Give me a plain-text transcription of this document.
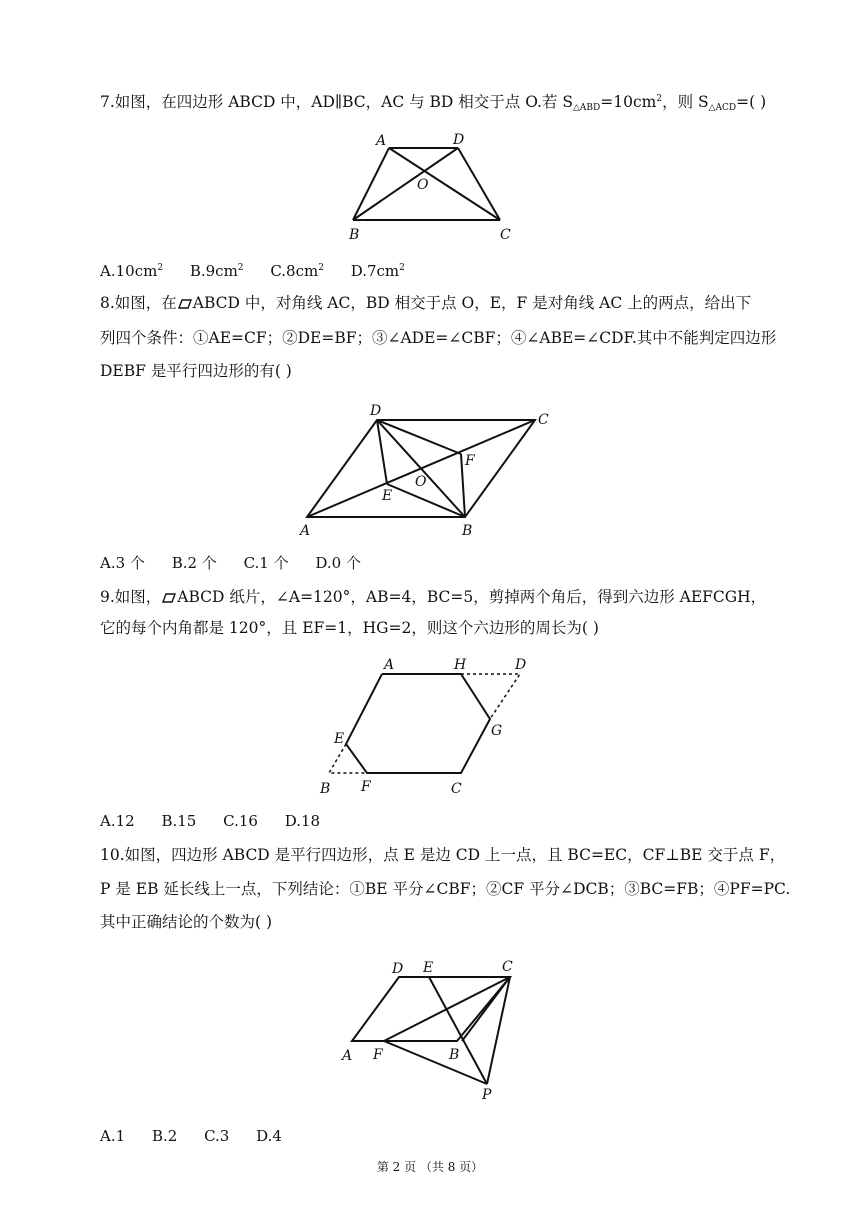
7.如图，在四边形 ABCD 中，AD∥BC，AC 与 BD 相交于点 O.若 $S_{\triangle ABD}=10cm^2$，则 $S_{\triangle ACD}=$( )

A	D
O
B	C
$A.10cm^2$ $B.9cm^2$ $C.8cm^2$ $D.7cm^2$

8.如图，在 ABCD 中，对角线 AC，BD 相交于点 O，E，F 是对角线 AC 上的两点，给出下

列四个条件：①AE=CF；②DE=BF；③∠ADE=∠CBF；④∠ABE=∠CDF.其中不能判定四边形

DEBF 是平行四边形的有( )

D
C
F
O
E
A	B
A.3 个 B.2 个 C.1 个 D.0 个

9.如图， ABCD 纸片，∠A=120°，AB=4，BC=5，剪掉两个角后，得到六边形 AEFCGH，

它的每个内角都是 120°，且 EF=1，HG=2，则这个六边形的周长为( )

A	H	D
E	G
B F	C
A.12 B.15 C.16 D.18

10.如图，四边形 ABCD 是平行四边形，点 E 是边 CD 上一点，且 BC=EC，CF⊥BE 交于点 F，

P 是 EB 延长线上一点，下列结论：①BE 平分∠CBF；②CF 平分∠DCB；③BC=FB；④PF=PC.

其中正确结论的个数为( )

D E	C
A F	B
P
A.1 B.2 C.3 D.4
第 2 页 （共 8 页）
